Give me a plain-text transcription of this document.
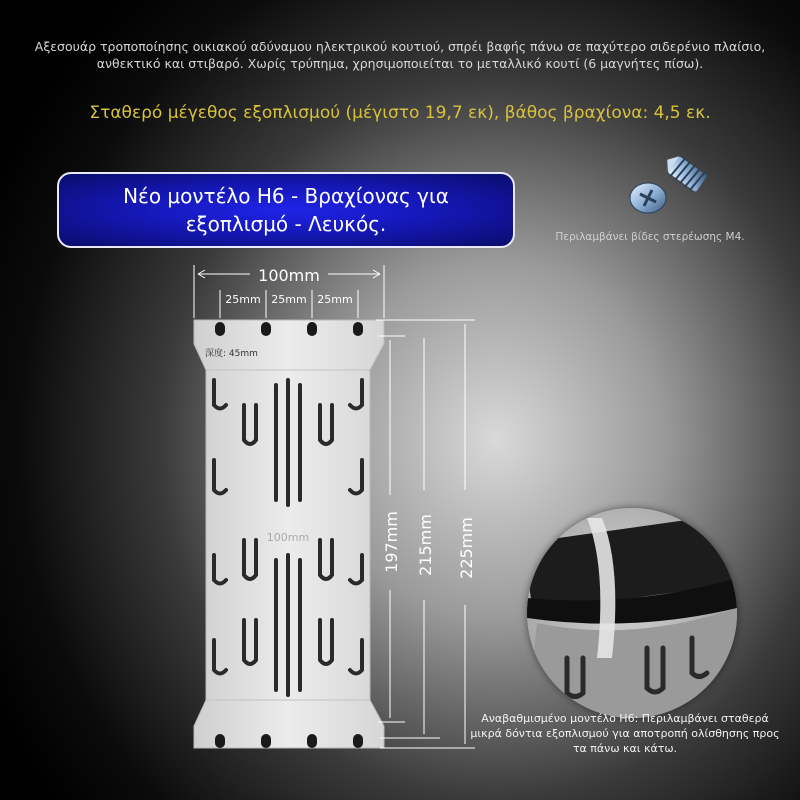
Αξεσουάρ τροποποίησης οικιακού αδύναμου ηλεκτρικού κουτιού, σπρέι βαφής πάνω σε παχύτερο σιδερένιο πλαίσιο, ανθεκτικό και στιβαρό. Χωρίς τρύπημα, χρησιμοποιείται το μεταλλικό κουτί (6 μαγνήτες πίσω).
Σταθερό μέγεθος εξοπλισμού (μέγιστο 19,7 εκ), βάθος βραχίονα: 4,5 εκ.
Νέο μοντέλο H6 - Βραχίονας για εξοπλισμό - Λευκός.
Περιλαμβάνει βίδες στερέωσης M4.
深度: 45mm
100mm
100mm
25mm 25mm 25mm
197mm 215mm 225mm
Αναβαθμισμένο μοντέλο H6: Περιλαμβάνει σταθερά μικρά δόντια εξοπλισμού για αποτροπή ολίσθησης προς τα πάνω και κάτω.
